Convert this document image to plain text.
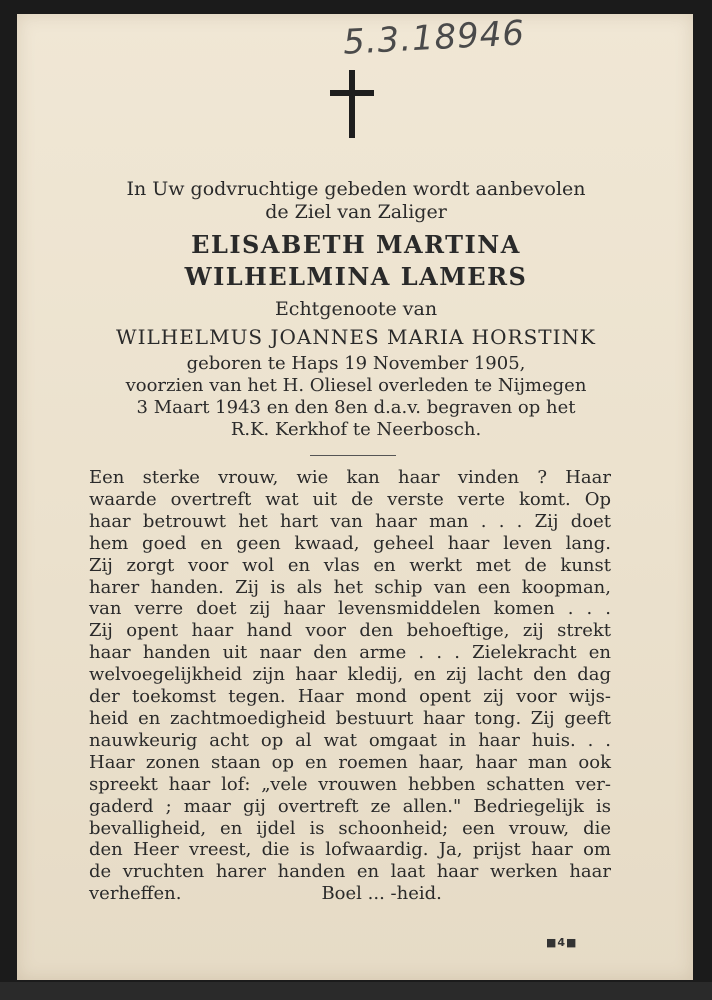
5.3.18946
In Uw godvruchtige gebeden wordt aanbevolen
de Ziel van Zaliger
ELISABETH MARTINA
WILHELMINA LAMERS
Echtgenoote van
WILHELMUS JOANNES MARIA HORSTINK
geboren te Haps 19 November 1905,
voorzien van het H. Oliesel overleden te Nijmegen
3 Maart 1943 en den 8en d.a.v. begraven op het
R.K. Kerkhof te Neerbosch.
Een sterke vrouw, wie kan haar vinden ? Haar
waarde overtreft wat uit de verste verte komt. Op
haar betrouwt het hart van haar man . . . Zij doet
hem goed en geen kwaad, geheel haar leven lang.
Zij zorgt voor wol en vlas en werkt met de kunst
harer handen. Zij is als het schip van een koopman,
van verre doet zij haar levensmiddelen komen . . .
Zij opent haar hand voor den behoeftige, zij strekt
haar handen uit naar den arme . . . Zielekracht en
welvoegelijkheid zijn haar kledij, en zij lacht den dag
der toekomst tegen. Haar mond opent zij voor wijs-
heid en zachtmoedigheid bestuurt haar tong. Zij geeft
nauwkeurig acht op al wat omgaat in haar huis. . .
Haar zonen staan op en roemen haar, haar man ook
spreekt haar lof: „vele vrouwen hebben schatten ver-
gaderd ; maar gij overtreft ze allen." Bedriegelijk is
bevalligheid, en ijdel is schoonheid; een vrouw, die
den Heer vreest, die is lofwaardig. Ja, prijst haar om
de vruchten harer handen en laat haar werken haar
verheffen.	Boel ... -heid.
■4■
